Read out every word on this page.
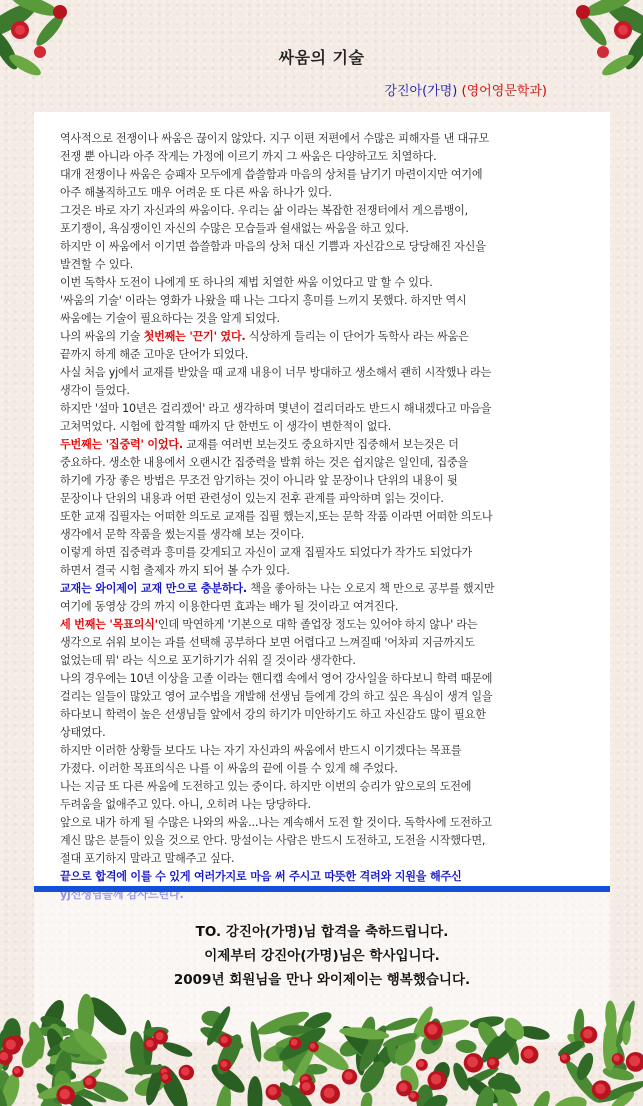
싸움의 기술
강진아(가명) (영어영문학과)

역사적으로 전쟁이나 싸움은 끊이지 않았다. 지구 이편 저편에서 수많은 피해자를 낸 대규모

전쟁 뿐 아니라 아주 작게는 가정에 이르기 까지 그 싸움은 다양하고도 치열하다.

대개 전쟁이나 싸움은 승패자 모두에게 씁쓸함과 마음의 상처를 남기기 마련이지만 여기에

아주 해볼직하고도 매우 어려운 또 다른 싸움 하나가 있다.

그것은 바로 자기 자신과의 싸움이다. 우리는 삶 이라는 복잡한 전쟁터에서 게으름뱅이,

포기쟁이, 욕심쟁이인 자신의 수많은 모습들과 쉴새없는 싸움을 하고 있다.

하지만 이 싸움에서 이기면 씁쓸함과 마음의 상처 대신 기쁨과 자신감으로 당당해진 자신을

발견할 수 있다.

이번 독학사 도전이 나에게 또 하나의 제법 치열한 싸움 이었다고 말 할 수 있다.

'싸움의 기술' 이라는 영화가 나왔을 때 나는 그다지 흥미를 느끼지 못했다. 하지만 역시

싸움에는 기술이 필요하다는 것을 알게 되었다.

나의 싸움의 기술 첫번째는 '끈기' 였다. 식상하게 들리는 이 단어가 독학사 라는 싸움은

끝까지 하게 해준 고마운 단어가 되었다.

사실 처음 yj에서 교재를 받았을 때 교재 내용이 너무 방대하고 생소해서 괜히 시작했나 라는

생각이 들었다.

하지만 '설마 10년은 걸리겠어' 라고 생각하며 몇년이 걸리더라도 반드시 해내겠다고 마음을

고쳐먹었다. 시험에 합격할 때까지 단 한번도 이 생각이 변한적이 없다.

두번째는 '집중력' 이었다. 교재를 여러번 보는것도 중요하지만 집중해서 보는것은 더

중요하다. 생소한 내용에서 오랜시간 집중력을 발휘 하는 것은 쉽지않은 일인데, 집중을

하기에 가장 좋은 방법은 무조건 암기하는 것이 아니라 앞 문장이나 단위의 내용이 뒷

문장이나 단위의 내용과 어떤 관련성이 있는지 전후 관계를 파악하며 읽는 것이다.

또한 교재 집필자는 어떠한 의도로 교재를 집필 했는지,또는 문학 작품 이라면 어떠한 의도나

생각에서 문학 작품을 썼는지를 생각해 보는 것이다.

이렇게 하면 집중력과 흥미를 갖게되고 자신이 교재 집필자도 되었다가 작가도 되었다가

하면서 결국 시험 출제자 까지 되어 볼 수가 있다.

교재는 와이제이 교재 만으로 충분하다. 책을 좋아하는 나는 오로지 책 만으로 공부를 했지만

여기에 동영상 강의 까지 이용한다면 효과는 배가 될 것이라고 여겨진다.

세 번째는 '목표의식'인데 막연하게 '기본으로 대학 졸업장 정도는 있어야 하지 않나' 라는

생각으로 쉬워 보이는 과를 선택해 공부하다 보면 어렵다고 느껴질때 '어차피 지금까지도

없었는데 뭐' 라는 식으로 포기하기가 쉬워 질 것이라 생각한다.

나의 경우에는 10년 이상을 고졸 이라는 핸디캡 속에서 영어 강사일을 하다보니 학력 때문에

걸리는 일들이 많았고 영어 교수법을 개발해 선생님 들에게 강의 하고 싶은 욕심이 생겨 일을

하다보니 학력이 높은 선생님들 앞에서 강의 하기가 미안하기도 하고 자신감도 많이 필요한

상태였다.

하지만 이러한 상황들 보다도 나는 자기 자신과의 싸움에서 반드시 이기겠다는 목표를

가졌다. 이러한 목표의식은 나를 이 싸움의 끝에 이를 수 있게 해 주었다.

나는 지금 또 다른 싸움에 도전하고 있는 중이다. 하지만 이번의 승리가 앞으로의 도전에

두려움을 없애주고 있다. 아니, 오히려 나는 당당하다.

앞으로 내가 하게 될 수많은 나와의 싸움...나는 계속해서 도전 할 것이다. 독학사에 도전하고

계신 많은 분들이 있을 것으로 안다. 망설이는 사람은 반드시 도전하고, 도전을 시작했다면,

절대 포기하지 말라고 말해주고 싶다.

끝으로 합격에 이를 수 있게 여러가지로 마음 써 주시고 따뜻한 격려와 지원을 해주신

TO. 강진아(가명)님 합격을 축하드립니다.
이제부터 강진아(가명)님은 학사입니다.
2009년 회원님을 만나 와이제이는 행복했습니다.
